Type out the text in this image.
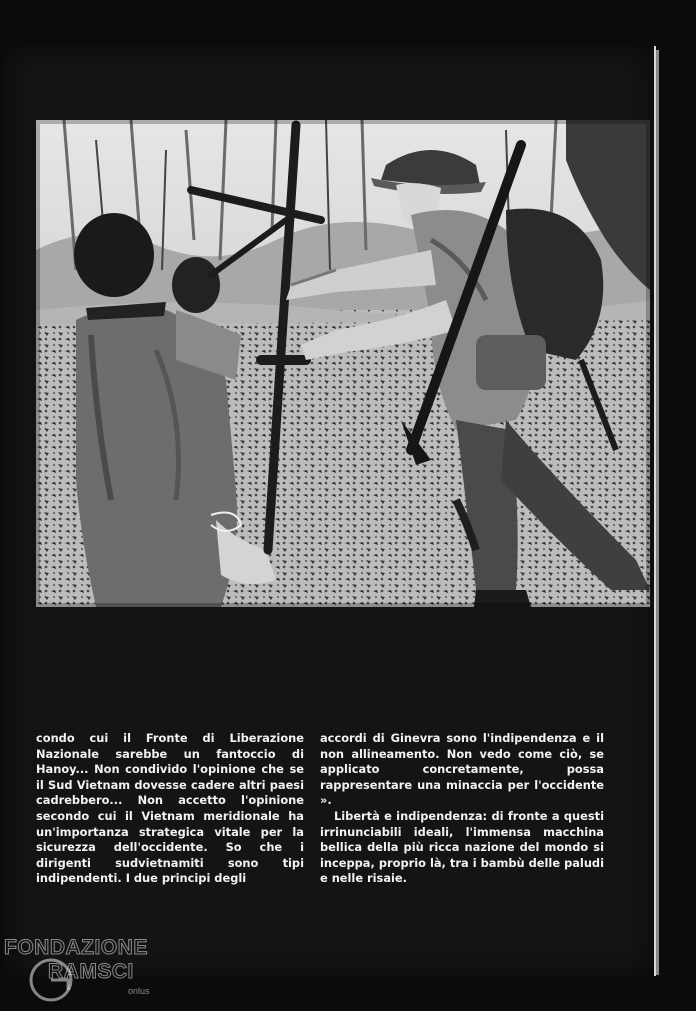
condo cui il Fronte di Liberazione Nazionale sarebbe un fantoccio di Hanoy... Non condivido l'opinione che se il Sud Vietnam dovesse cadere altri paesi cadrebbero... Non accetto l'opinione secondo cui il Vietnam meridionale ha un'importanza strategica vitale per la sicurezza dell'occidente. So che i dirigenti sudvietnamiti sono tipi indipendenti. I due principi degli

accordi di Ginevra sono l'indipendenza e il non allineamento. Non vedo come ciò, se applicato concretamente, possa rappresentare una minaccia per l'occidente ».

Libertà e indipendenza: di fronte a questi irrinunciabili ideali, l'immensa macchina bellica della più ricca nazione del mondo si inceppa, proprio là, tra i bambù delle paludi e nelle risaie.

FONDAZIONE
RAMSCI
onlus
